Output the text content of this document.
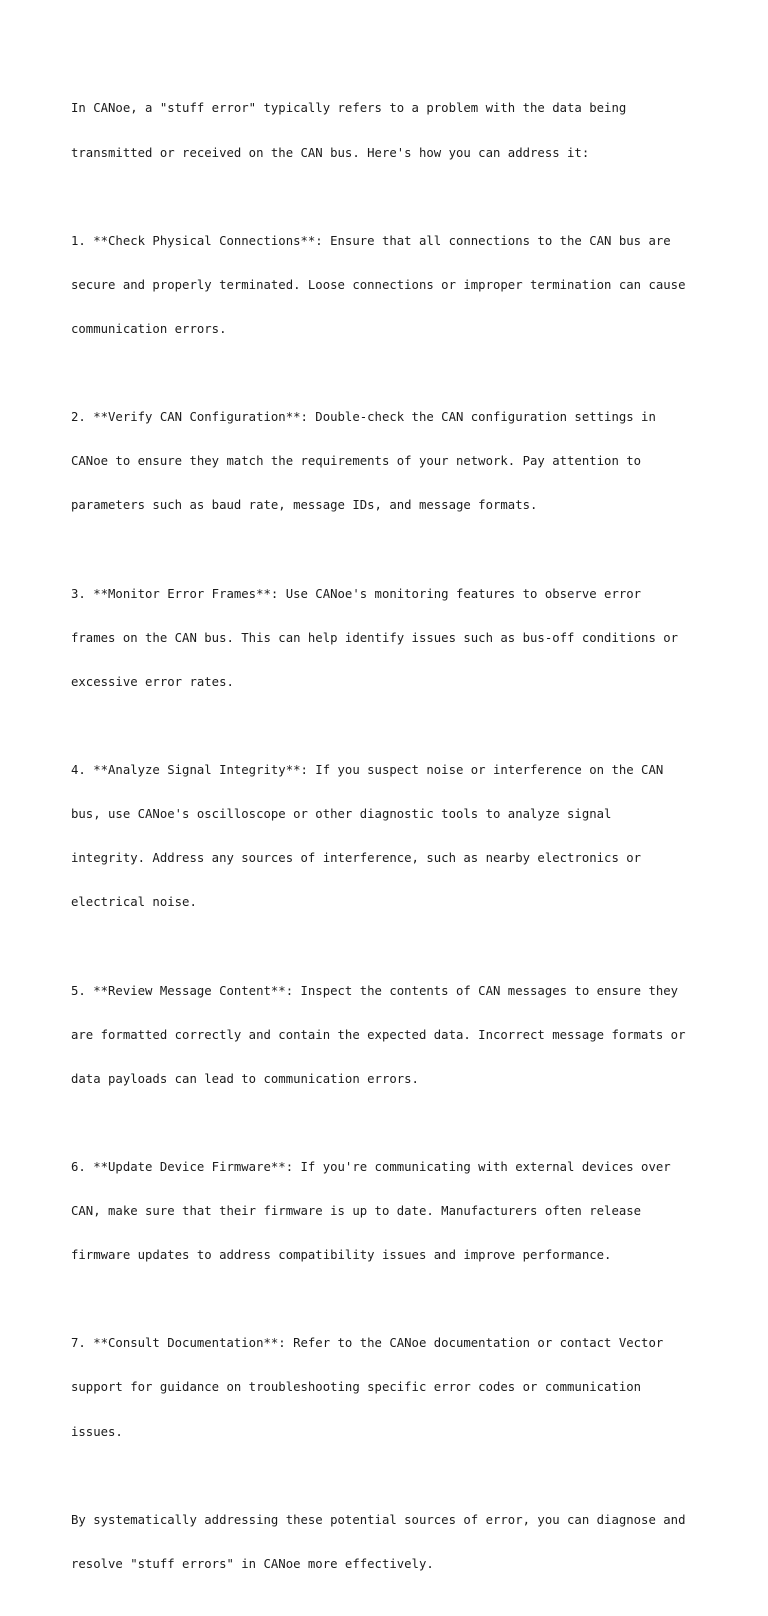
In CANoe, a "stuff error" typically refers to a problem with the data being

transmitted or received on the CAN bus. Here's how you can address it:

1. **Check Physical Connections**: Ensure that all connections to the CAN bus are

secure and properly terminated. Loose connections or improper termination can cause

communication errors.

2. **Verify CAN Configuration**: Double-check the CAN configuration settings in

CANoe to ensure they match the requirements of your network. Pay attention to

parameters such as baud rate, message IDs, and message formats.

3. **Monitor Error Frames**: Use CANoe's monitoring features to observe error

frames on the CAN bus. This can help identify issues such as bus-off conditions or

excessive error rates.

4. **Analyze Signal Integrity**: If you suspect noise or interference on the CAN

bus, use CANoe's oscilloscope or other diagnostic tools to analyze signal

integrity. Address any sources of interference, such as nearby electronics or

electrical noise.

5. **Review Message Content**: Inspect the contents of CAN messages to ensure they

are formatted correctly and contain the expected data. Incorrect message formats or

data payloads can lead to communication errors.

6. **Update Device Firmware**: If you're communicating with external devices over

CAN, make sure that their firmware is up to date. Manufacturers often release

firmware updates to address compatibility issues and improve performance.

7. **Consult Documentation**: Refer to the CANoe documentation or contact Vector

support for guidance on troubleshooting specific error codes or communication

issues.

By systematically addressing these potential sources of error, you can diagnose and

resolve "stuff errors" in CANoe more effectively.
